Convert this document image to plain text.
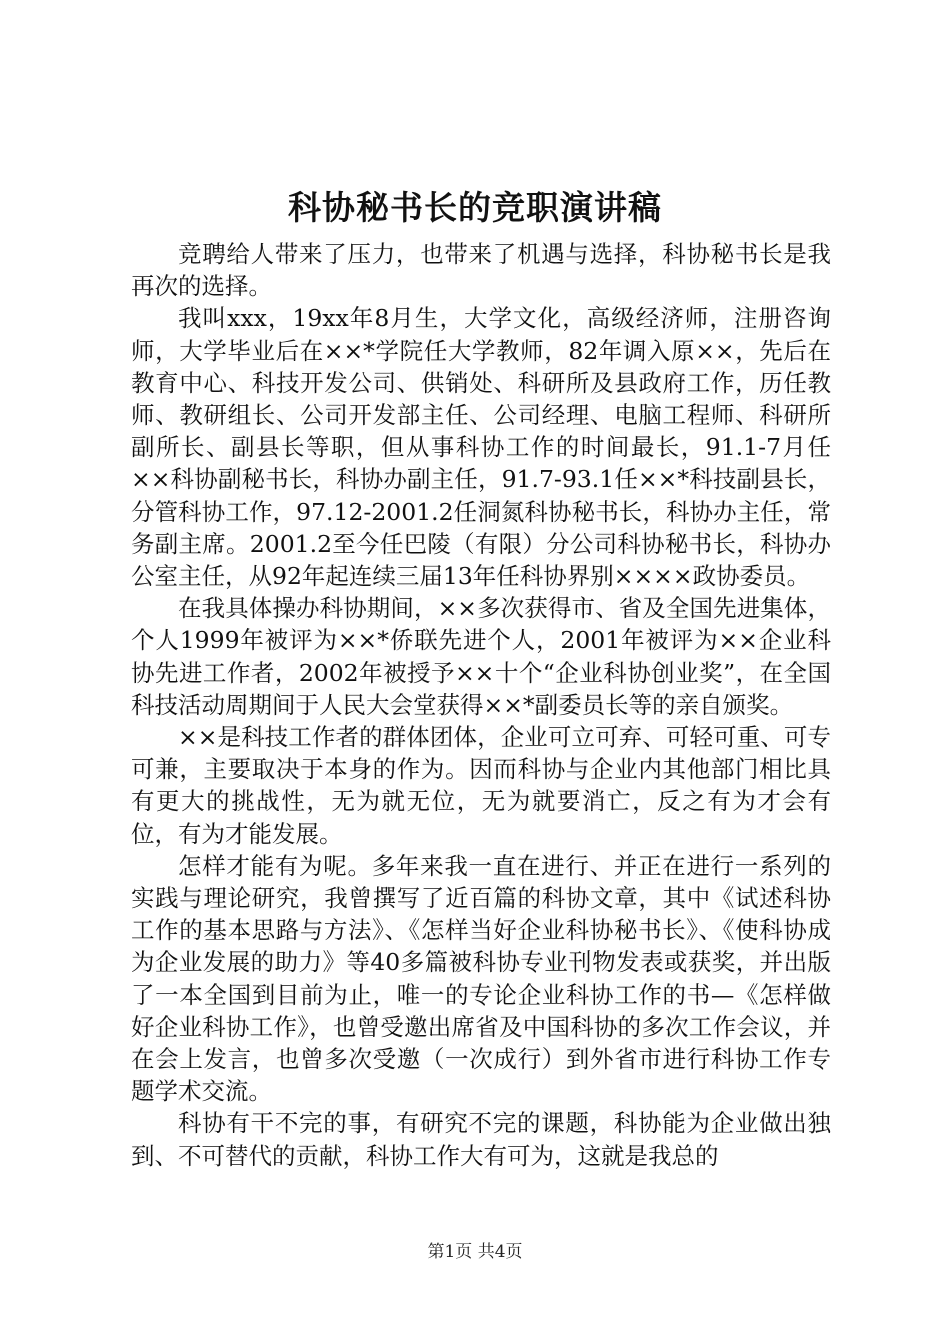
科协秘书长的竞职演讲稿

竞聘给人带来了压力，也带来了机遇与选择，科协秘书长是我再次的选择。

我叫xxx，19xx年8月生，大学文化，高级经济师，注册咨询师，大学毕业后在××*学院任大学教师，82年调入原××，先后在教育中心、科技开发公司、供销处、科研所及县政府工作，历任教师、教研组长、公司开发部主任、公司经理、电脑工程师、科研所副所长、副县长等职，但从事科协工作的时间最长，91.1-7月任××科协副秘书长，科协办副主任，91.7-93.1任××*科技副县长，分管科协工作，97.12-2001.2任洞氮科协秘书长，科协办主任，常务副主席。2001.2至今任巴陵（有限）分公司科协秘书长，科协办公室主任，从92年起连续三届13年任科协界别××××政协委员。

在我具体操办科协期间，××多次获得市、省及全国先进集体，个人1999年被评为××*侨联先进个人，2001年被评为××企业科协先进工作者，2002年被授予××十个“企业科协创业奖”，在全国科技活动周期间于人民大会堂获得××*副委员长等的亲自颁奖。

××是科技工作者的群体团体，企业可立可弃、可轻可重、可专可兼，主要取决于本身的作为。因而科协与企业内其他部门相比具有更大的挑战性，无为就无位，无为就要消亡，反之有为才会有位，有为才能发展。

怎样才能有为呢。多年来我一直在进行、并正在进行一系列的实践与理论研究，我曾撰写了近百篇的科协文章，其中《试述科协工作的基本思路与方法》、《怎样当好企业科协秘书长》、《使科协成为企业发展的助力》等40多篇被科协专业刊物发表或获奖，并出版了一本全国到目前为止，唯一的专论企业科协工作的书—《怎样做好企业科协工作》，也曾受邀出席省及中国科协的多次工作会议，并在会上发言，也曾多次受邀（一次成行）到外省市进行科协工作专题学术交流。

科协有干不完的事，有研究不完的课题，科协能为企业做出独到、不可替代的贡献，科协工作大有可为，这就是我总的

第1页 共4页
